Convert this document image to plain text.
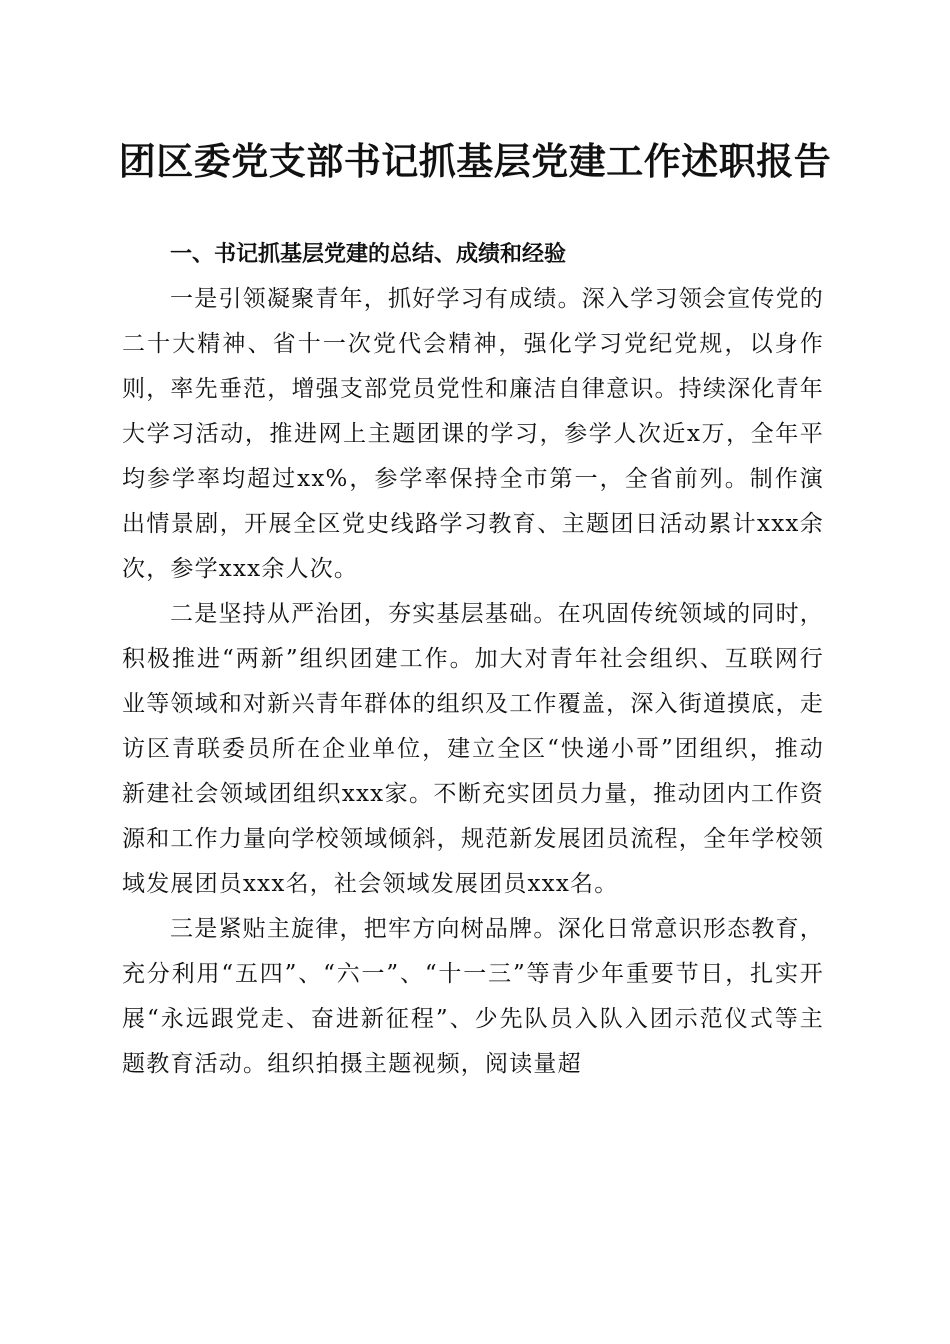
团区委党支部书记抓基层党建工作述职报告

一、书记抓基层党建的总结、成绩和经验

一是引领凝聚青年，抓好学习有成绩。深入学习领会宣传党的二十大精神、省十一次党代会精神，强化学习党纪党规，以身作则，率先垂范，增强支部党员党性和廉洁自律意识。持续深化青年大学习活动，推进网上主题团课的学习，参学人次近x万，全年平均参学率均超过xx%，参学率保持全市第一，全省前列。制作演出情景剧，开展全区党史线路学习教育、主题团日活动累计xxx余次，参学xxx余人次。

二是坚持从严治团，夯实基层基础。在巩固传统领域的同时，积极推进“两新”组织团建工作。加大对青年社会组织、互联网行业等领域和对新兴青年群体的组织及工作覆盖，深入街道摸底，走访区青联委员所在企业单位，建立全区“快递小哥”团组织，推动新建社会领域团组织xxx家。不断充实团员力量，推动团内工作资源和工作力量向学校领域倾斜，规范新发展团员流程，全年学校领域发展团员xxx名，社会领域发展团员xxx名。

三是紧贴主旋律，把牢方向树品牌。深化日常意识形态教育，充分利用“五四”、“六一”、“十一三”等青少年重要节日，扎实开展“永远跟党走、奋进新征程”、少先队员入队入团示范仪式等主题教育活动。组织拍摄主题视频，阅读量超
